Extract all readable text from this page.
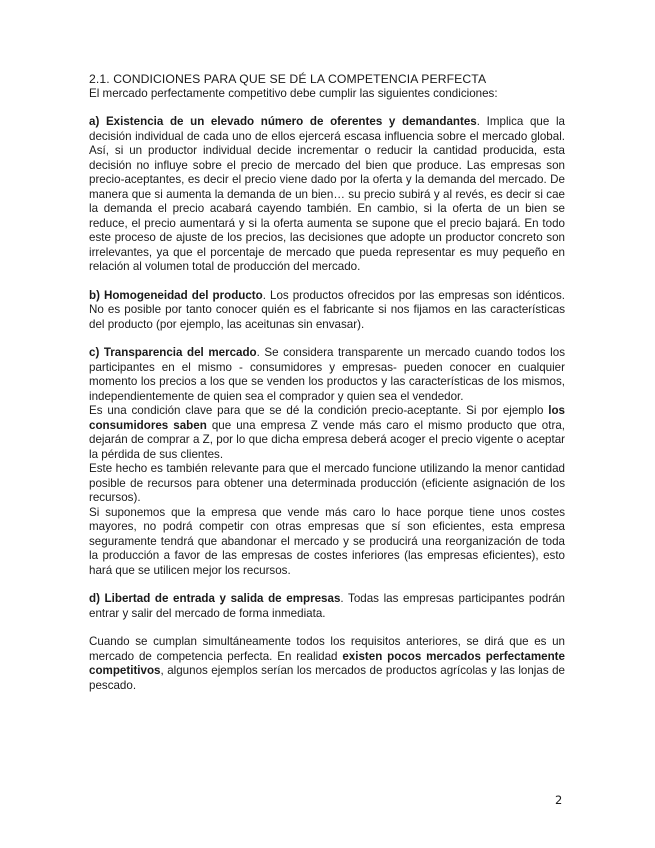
2.1. CONDICIONES PARA QUE SE DÉ LA COMPETENCIA PERFECTA

El mercado perfectamente competitivo debe cumplir las siguientes condiciones:

a) Existencia de un elevado número de oferentes y demandantes. Implica que la decisión individual de cada uno de ellos ejercerá escasa influencia sobre el mercado global. Así, si un productor individual decide incrementar o reducir la cantidad producida, esta decisión no influye sobre el precio de mercado del bien que produce. Las empresas son precio-aceptantes, es decir el precio viene dado por la oferta y la demanda del mercado. De manera que si aumenta la demanda de un bien… su precio subirá y al revés, es decir si cae la demanda el precio acabará cayendo también. En cambio, si la oferta de un bien se reduce, el precio aumentará y si la oferta aumenta se supone que el precio bajará. En todo este proceso de ajuste de los precios, las decisiones que adopte un productor concreto son irrelevantes, ya que el porcentaje de mercado que pueda representar es muy pequeño en relación al volumen total de producción del mercado.

b) Homogeneidad del producto. Los productos ofrecidos por las empresas son idénticos. No es posible por tanto conocer quién es el fabricante si nos fijamos en las características del producto (por ejemplo, las aceitunas sin envasar).

c) Transparencia del mercado. Se considera transparente un mercado cuando todos los participantes en el mismo - consumidores y empresas- pueden conocer en cualquier momento los precios a los que se venden los productos y las características de los mismos, independientemente de quien sea el comprador y quien sea el vendedor.

Es una condición clave para que se dé la condición precio-aceptante. Si por ejemplo los consumidores saben que una empresa Z vende más caro el mismo producto que otra, dejarán de comprar a Z, por lo que dicha empresa deberá acoger el precio vigente o aceptar la pérdida de sus clientes.

Este hecho es también relevante para que el mercado funcione utilizando la menor cantidad posible de recursos para obtener una determinada producción (eficiente asignación de los recursos).

Si suponemos que la empresa que vende más caro lo hace porque tiene unos costes mayores, no podrá competir con otras empresas que sí son eficientes, esta empresa seguramente tendrá que abandonar el mercado y se producirá una reorganización de toda la producción a favor de las empresas de costes inferiores (las empresas eficientes), esto hará que se utilicen mejor los recursos.

d) Libertad de entrada y salida de empresas. Todas las empresas participantes podrán entrar y salir del mercado de forma inmediata.

Cuando se cumplan simultáneamente todos los requisitos anteriores, se dirá que es un mercado de competencia perfecta. En realidad existen pocos mercados perfectamente competitivos, algunos ejemplos serían los mercados de productos agrícolas y las lonjas de pescado.

2
